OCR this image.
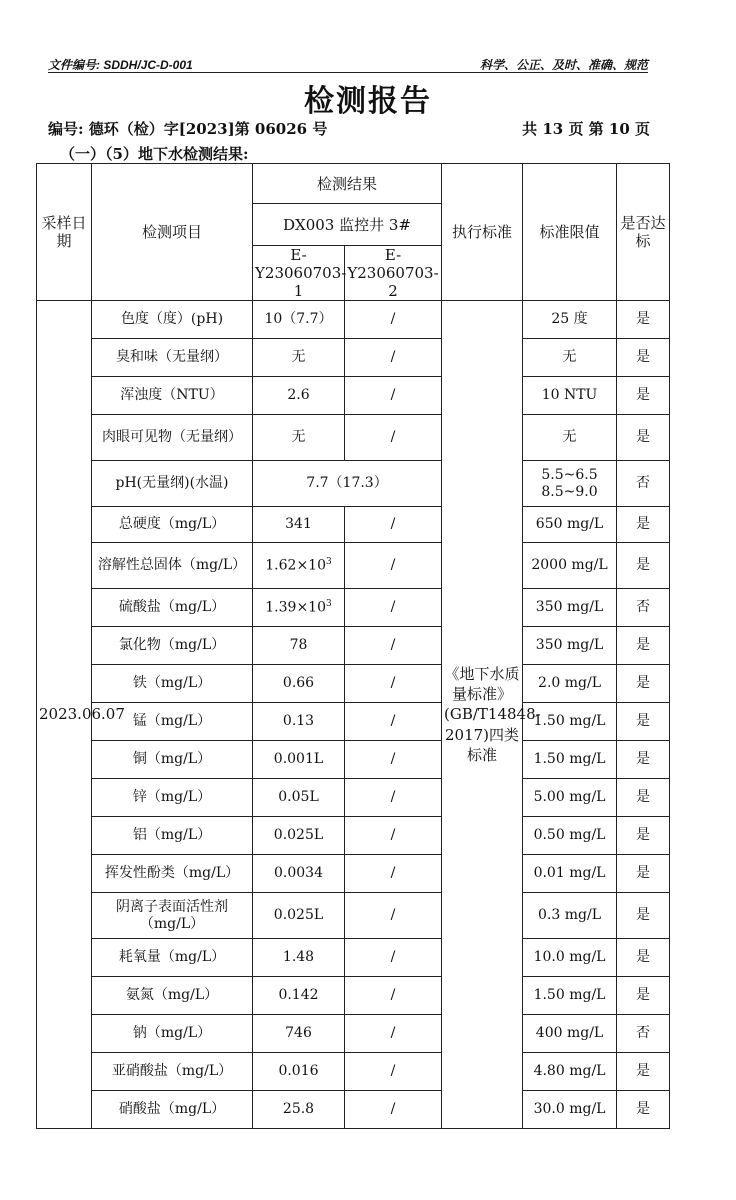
文件编号: SDDH/JC-D-001	科学、公正、及时、准确、规范
检测报告
编号: 德环（检）字[2023]第 06026 号	共 13 页 第 10 页
（一）（5）地下水检测结果:
采样日期	检测项目	检测结果		执行标准	标准限值	是否达标
		DX003 监控井 3#				
		E-Y23060703-1	E-Y23060703-2			
2023.06.07	色度（度）(pH)	10（7.7）	/	《地下水质量标准》(GB/T14848-2017)四类标准	25 度	是
	臭和味（无量纲）	无	/		无	是
	浑浊度（NTU）	2.6	/		10 NTU	是
	肉眼可见物（无量纲）	无	/		无	是
	pH(无量纲)(水温)	7.7（17.3）			5.5~6.5 8.5~9.0	否
	总硬度（mg/L）	341	/		650 mg/L	是
	溶解性总固体（mg/L）	$1.62\times 10^3$	/		2000 mg/L	是
	硫酸盐（mg/L）	$1.39\times 10^3$	/		350 mg/L	否
	氯化物（mg/L）	78	/		350 mg/L	是
	铁（mg/L）	0.66	/		2.0 mg/L	是
	锰（mg/L）	0.13	/		1.50 mg/L	是
	铜（mg/L）	0.001L	/		1.50 mg/L	是
	锌（mg/L）	0.05L	/		5.00 mg/L	是
	铝（mg/L）	0.025L	/		0.50 mg/L	是
	挥发性酚类（mg/L）	0.0034	/		0.01 mg/L	是
	阴离子表面活性剂（mg/L）	0.025L	/		0.3 mg/L	是
	耗氧量（mg/L）	1.48	/		10.0 mg/L	是
	氨氮（mg/L）	0.142	/		1.50 mg/L	是
	钠（mg/L）	746	/		400 mg/L	否
	亚硝酸盐（mg/L）	0.016	/		4.80 mg/L	是
	硝酸盐（mg/L）	25.8	/		30.0 mg/L	是
